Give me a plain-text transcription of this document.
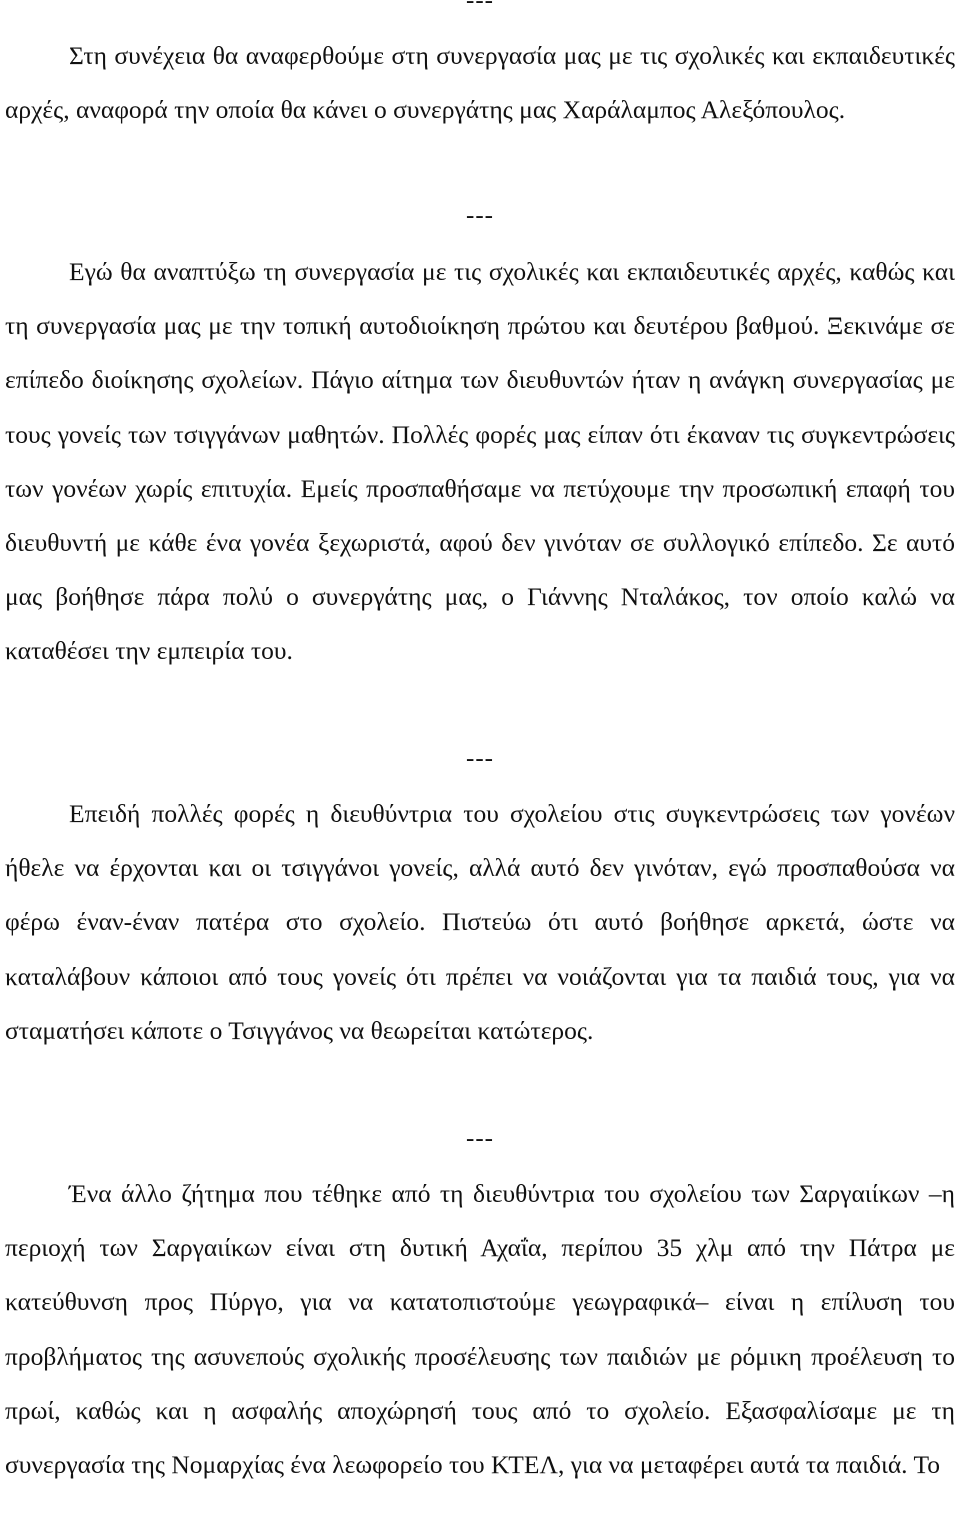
---

Στη συνέχεια θα αναφερθούμε στη συνεργασία μας με τις σχολικές και εκπαιδευτικές αρχές, αναφορά την οποία θα κάνει ο συνεργάτης μας Χαράλαμπος Αλεξόπουλος.

---

Εγώ θα αναπτύξω τη συνεργασία με τις σχολικές και εκπαιδευτικές αρχές, καθώς και τη συνεργασία μας με την τοπική αυτοδιοίκηση πρώτου και δευτέρου βαθμού. Ξεκινάμε σε επίπεδο διοίκησης σχολείων. Πάγιο αίτημα των διευθυντών ήταν η ανάγκη συνεργασίας με τους γονείς των τσιγγάνων μαθητών. Πολλές φορές μας είπαν ότι έκαναν τις συγκεντρώσεις των γονέων χωρίς επιτυχία. Εμείς προσπαθήσαμε να πετύχουμε την προσωπική επαφή του διευθυντή με κάθε ένα γονέα ξεχωριστά, αφού δεν γινόταν σε συλλογικό επίπεδο. Σε αυτό μας βοήθησε πάρα πολύ ο συνεργάτης μας, ο Γιάννης Νταλάκος, τον οποίο καλώ να καταθέσει την εμπειρία του.

---

Επειδή πολλές φορές η διευθύντρια του σχολείου στις συγκεντρώσεις των γονέων ήθελε να έρχονται και οι τσιγγάνοι γονείς, αλλά αυτό δεν γινόταν, εγώ προσπαθούσα να φέρω έναν-έναν πατέρα στο σχολείο. Πιστεύω ότι αυτό βοήθησε αρκετά, ώστε να καταλάβουν κάποιοι από τους γονείς ότι πρέπει να νοιάζονται για τα παιδιά τους, για να σταματήσει κάποτε ο Τσιγγάνος να θεωρείται κατώτερος.

---

Ένα άλλο ζήτημα που τέθηκε από τη διευθύντρια του σχολείου των Σαργαιίκων –η περιοχή των Σαργαιίκων είναι στη δυτική Αχαΐα, περίπου 35 χλμ από την Πάτρα με κατεύθυνση προς Πύργο, για να κατατοπιστούμε γεωγραφικά– είναι η επίλυση του προβλήματος της ασυνεπούς σχολικής προσέλευσης των παιδιών με ρόμικη προέλευση το πρωί, καθώς και η ασφαλής αποχώρησή τους από το σχολείο. Εξασφαλίσαμε με τη συνεργασία της Νομαρχίας ένα λεωφορείο του ΚΤΕΛ, για να μεταφέρει αυτά τα παιδιά. Το
